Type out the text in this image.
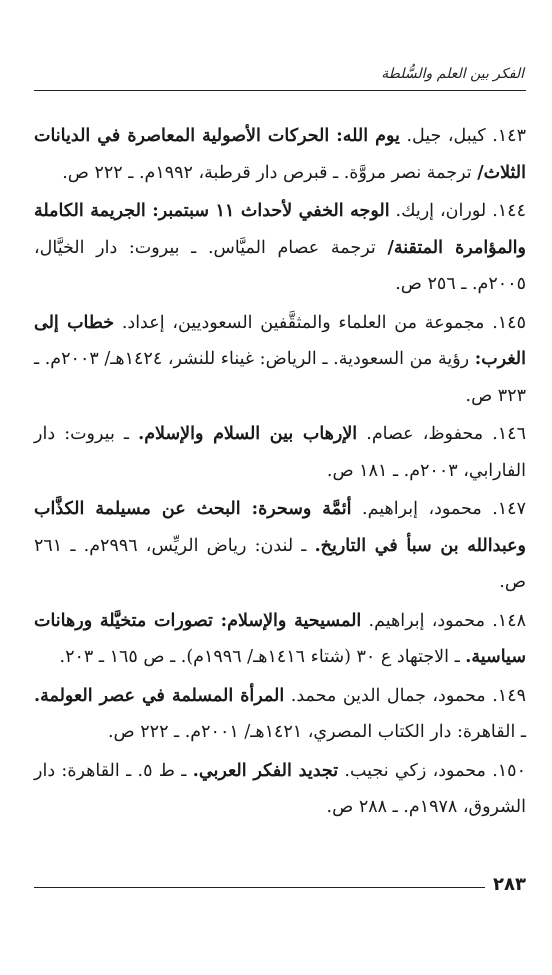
الفكر بين العلم والسُّلطة

١٤٣. كيبل، جيل. يوم الله: الحركات الأصولية المعاصرة في الديانات الثلاث/ ترجمة نصر مروَّة. ـ قبرص دار قرطبة، ١٩٩٢م. ـ ٢٢٢ ص.

١٤٤. لوران، إريك. الوجه الخفي لأحداث ١١ سبتمبر: الجريمة الكاملة والمؤامرة المتقنة/ ترجمة عصام الميَّاس. ـ بيروت: دار الخيَّال، ٢٠٠٥م. ـ ٢٥٦ ص.

١٤٥. مجموعة من العلماء والمثقَّفين السعوديين، إعداد. خطاب إلى الغرب: رؤية من السعودية. ـ الرياض: غيناء للنشر، ١٤٢٤هـ/ ٢٠٠٣م. ـ ٣٢٣ ص.

١٤٦. محفوظ، عصام. الإرهاب بين السلام والإسلام. ـ بيروت: دار الفارابي، ٢٠٠٣م. ـ ١٨١ ص.

١٤٧. محمود، إبراهيم. أئمَّة وسحرة: البحث عن مسيلمة الكذَّاب وعبدالله بن سبأ في التاريخ. ـ لندن: رياض الريِّس، ٢٩٩٦م. ـ ٢٦١ ص.

١٤٨. محمود، إبراهيم. المسيحية والإسلام: تصورات متخيَّلة ورهانات سياسية. ـ الاجتهاد ع ٣٠ (شتاء ١٤١٦هـ/ ١٩٩٦م). ـ ص ١٦٥ ـ ٢٠٣.

١٤٩. محمود، جمال الدين محمد. المرأة المسلمة في عصر العولمة. ـ القاهرة: دار الكتاب المصري، ١٤٢١هـ/ ٢٠٠١م. ـ ٢٢٢ ص.

١٥٠. محمود، زكي نجيب. تجديد الفكر العربي. ـ ط ٥. ـ القاهرة: دار الشروق، ١٩٧٨م. ـ ٢٨٨ ص.

٢٨٣
